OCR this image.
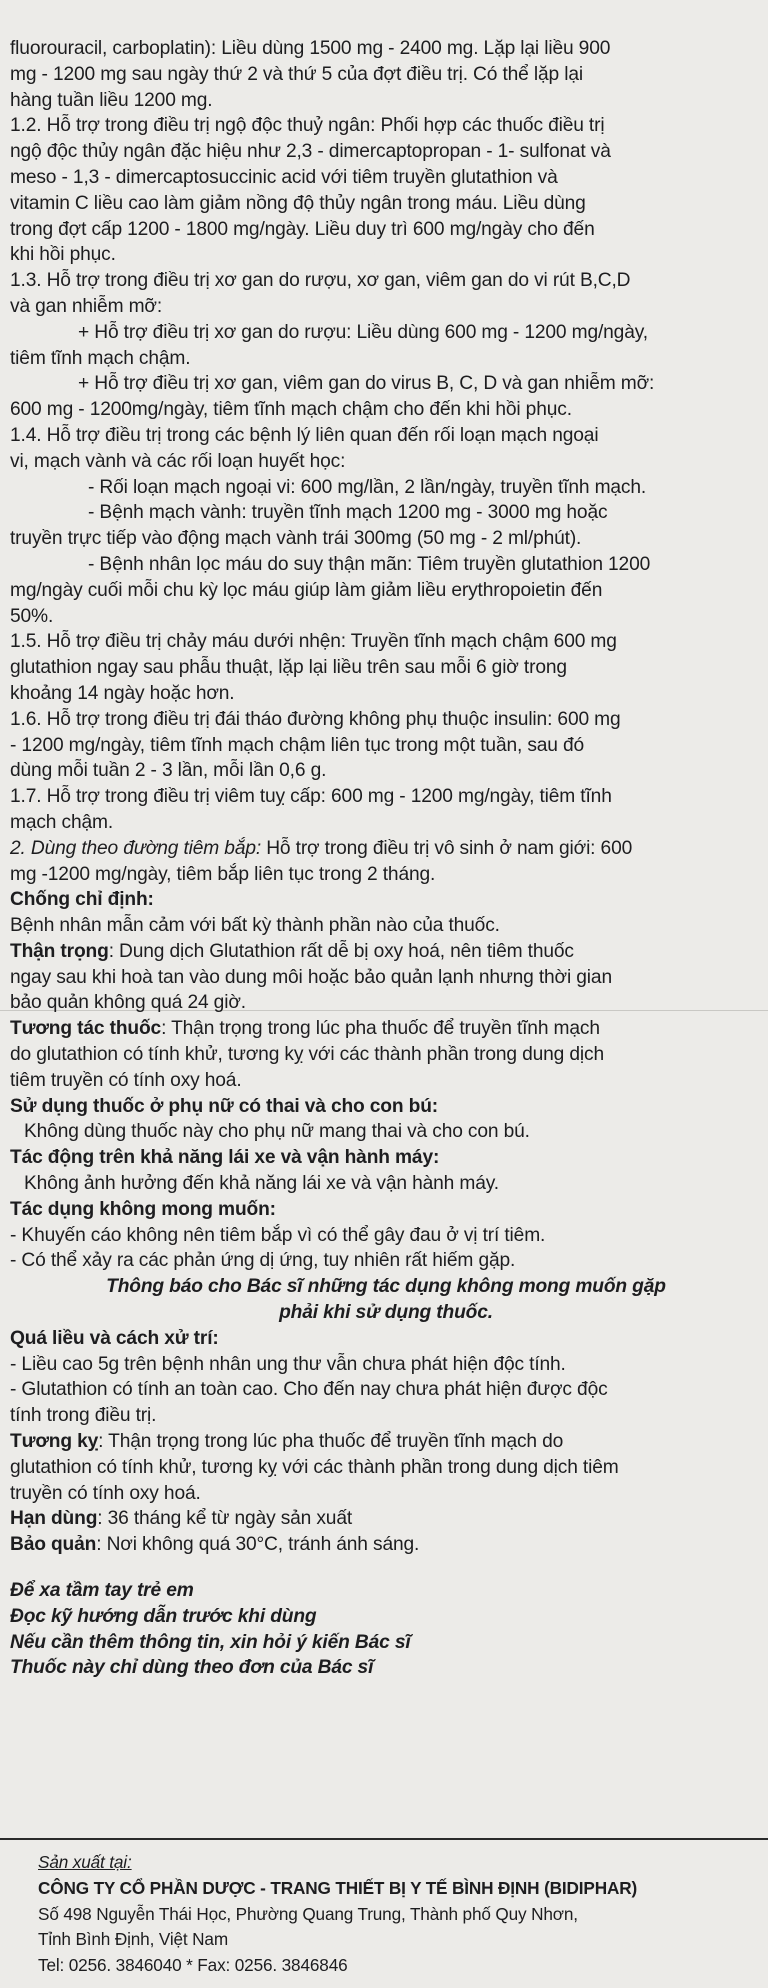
fluorouracil, carboplatin): Liều dùng 1500 mg - 2400 mg. Lặp lại liều 900

mg - 1200 mg sau ngày thứ 2 và thứ 5 của đợt điều trị. Có thể lặp lại

hàng tuần liều 1200 mg.

1.2. Hỗ trợ trong điều trị ngộ độc thuỷ ngân: Phối hợp các thuốc điều trị

ngộ độc thủy ngân đặc hiệu như 2,3 - dimercaptopropan - 1- sulfonat và

meso - 1,3 - dimercaptosuccinic acid với tiêm truyền glutathion và

vitamin C liều cao làm giảm nồng độ thủy ngân trong máu. Liều dùng

trong đợt cấp 1200 - 1800 mg/ngày. Liều duy trì 600 mg/ngày cho đến

khi hồi phục.

1.3. Hỗ trợ trong điều trị xơ gan do rượu, xơ gan, viêm gan do vi rút B,C,D

và gan nhiễm mỡ:

+ Hỗ trợ điều trị xơ gan do rượu: Liều dùng 600 mg - 1200 mg/ngày,

tiêm tĩnh mạch chậm.

+ Hỗ trợ điều trị xơ gan, viêm gan do virus B, C, D và gan nhiễm mỡ:

600 mg - 1200mg/ngày, tiêm tĩnh mạch chậm cho đến khi hồi phục.

1.4. Hỗ trợ điều trị trong các bệnh lý liên quan đến rối loạn mạch ngoại

vi, mạch vành và các rối loạn huyết học:

- Rối loạn mạch ngoại vi: 600 mg/lần, 2 lần/ngày, truyền tĩnh mạch.

- Bệnh mạch vành: truyền tĩnh mạch 1200 mg - 3000 mg hoặc

truyền trực tiếp vào động mạch vành trái 300mg (50 mg - 2 ml/phút).

- Bệnh nhân lọc máu do suy thận mãn: Tiêm truyền glutathion 1200

mg/ngày cuối mỗi chu kỳ lọc máu giúp làm giảm liều erythropoietin đến

50%.

1.5. Hỗ trợ điều trị chảy máu dưới nhện: Truyền tĩnh mạch chậm 600 mg

glutathion ngay sau phẫu thuật, lặp lại liều trên sau mỗi 6 giờ trong

khoảng 14 ngày hoặc hơn.

1.6. Hỗ trợ trong điều trị đái tháo đường không phụ thuộc insulin: 600 mg

- 1200 mg/ngày, tiêm tĩnh mạch chậm liên tục trong một tuần, sau đó

dùng mỗi tuần 2 - 3 lần, mỗi lần 0,6 g.

1.7. Hỗ trợ trong điều trị viêm tuỵ cấp: 600 mg - 1200 mg/ngày, tiêm tĩnh

mạch chậm.

2. Dùng theo đường tiêm bắp: Hỗ trợ trong điều trị vô sinh ở nam giới: 600

mg -1200 mg/ngày, tiêm bắp liên tục trong 2 tháng.

Chống chỉ định:

Bệnh nhân mẫn cảm với bất kỳ thành phần nào của thuốc.

Thận trọng: Dung dịch Glutathion rất dễ bị oxy hoá, nên tiêm thuốc

ngay sau khi hoà tan vào dung môi hoặc bảo quản lạnh nhưng thời gian

bảo quản không quá 24 giờ.

Tương tác thuốc: Thận trọng trong lúc pha thuốc để truyền tĩnh mạch

do glutathion có tính khử, tương kỵ với các thành phần trong dung dịch

tiêm truyền có tính oxy hoá.

Sử dụng thuốc ở phụ nữ có thai và cho con bú:

Không dùng thuốc này cho phụ nữ mang thai và cho con bú.

Tác động trên khả năng lái xe và vận hành máy:

Không ảnh hưởng đến khả năng lái xe và vận hành máy.

Tác dụng không mong muốn:

- Khuyến cáo không nên tiêm bắp vì có thể gây đau ở vị trí tiêm.

- Có thể xảy ra các phản ứng dị ứng, tuy nhiên rất hiếm gặp.

Thông báo cho Bác sĩ những tác dụng không mong muốn gặp

phải khi sử dụng thuốc.

Quá liều và cách xử trí:

- Liều cao 5g trên bệnh nhân ung thư vẫn chưa phát hiện độc tính.

- Glutathion có tính an toàn cao. Cho đến nay chưa phát hiện được độc

tính trong điều trị.

Tương kỵ: Thận trọng trong lúc pha thuốc để truyền tĩnh mạch do

glutathion có tính khử, tương kỵ với các thành phần trong dung dịch tiêm

truyền có tính oxy hoá.

Hạn dùng: 36 tháng kể từ ngày sản xuất

Bảo quản: Nơi không quá 30°C, tránh ánh sáng.

Để xa tầm tay trẻ em

Đọc kỹ hướng dẫn trước khi dùng

Nếu cần thêm thông tin, xin hỏi ý kiến Bác sĩ

Thuốc này chỉ dùng theo đơn của Bác sĩ

Sản xuất tại:

CÔNG TY CỔ PHẦN DƯỢC - TRANG THIẾT BỊ Y TẾ BÌNH ĐỊNH (BIDIPHAR)

Số 498 Nguyễn Thái Học, Phường Quang Trung, Thành phố Quy Nhơn,

Tỉnh Bình Định, Việt Nam

Tel: 0256. 3846040 * Fax: 0256. 3846846
